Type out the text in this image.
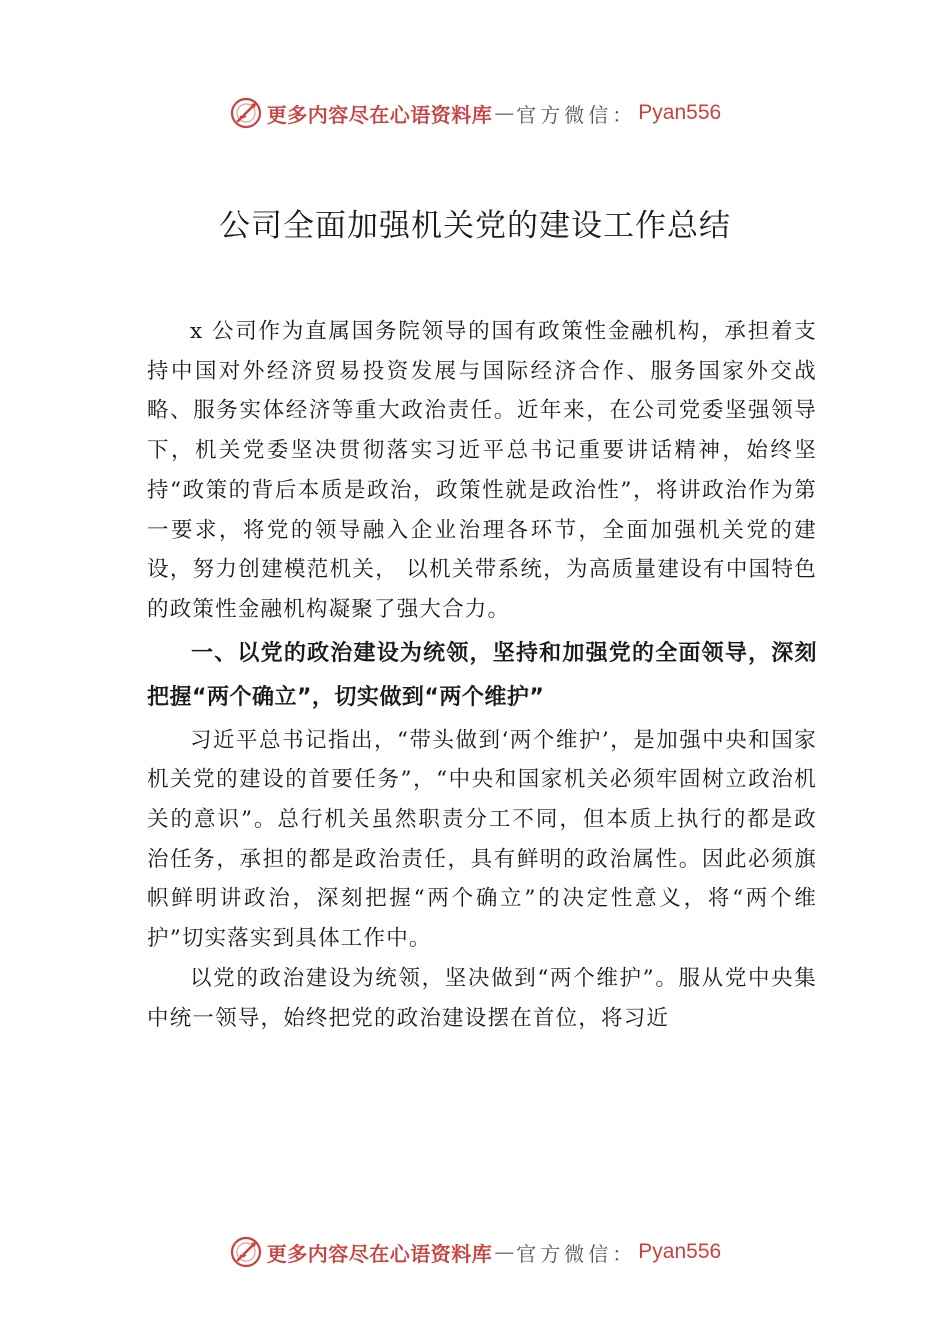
更多内容尽在心语资料库 — 官方微信： Pyan556
公司全面加强机关党的建设工作总结

x 公司作为直属国务院领导的国有政策性金融机构，承担着支持中国对外经济贸易投资发展与国际经济合作、服务国家外交战略、服务实体经济等重大政治责任。近年来，在公司党委坚强领导下，机关党委坚决贯彻落实习近平总书记重要讲话精神，始终坚持“政策的背后本质是政治，政策性就是政治性”，将讲政治作为第一要求，将党的领导融入企业治理各环节，全面加强机关党的建设，努力创建模范机关， 以机关带系统，为高质量建设有中国特色的政策性金融机构凝聚了强大合力。

一、以党的政治建设为统领，坚持和加强党的全面领导，深刻把握“两个确立”，切实做到“两个维护”

习近平总书记指出，“带头做到‘两个维护’，是加强中央和国家机关党的建设的首要任务”，“中央和国家机关必须牢固树立政治机关的意识”。总行机关虽然职责分工不同，但本质上执行的都是政治任务，承担的都是政治责任，具有鲜明的政治属性。因此必须旗帜鲜明讲政治，深刻把握“两个确立”的决定性意义，将“两个维护”切实落实到具体工作中。

以党的政治建设为统领，坚决做到“两个维护”。服从党中央集中统一领导，始终把党的政治建设摆在首位，将习近

更多内容尽在心语资料库 — 官方微信： Pyan556
